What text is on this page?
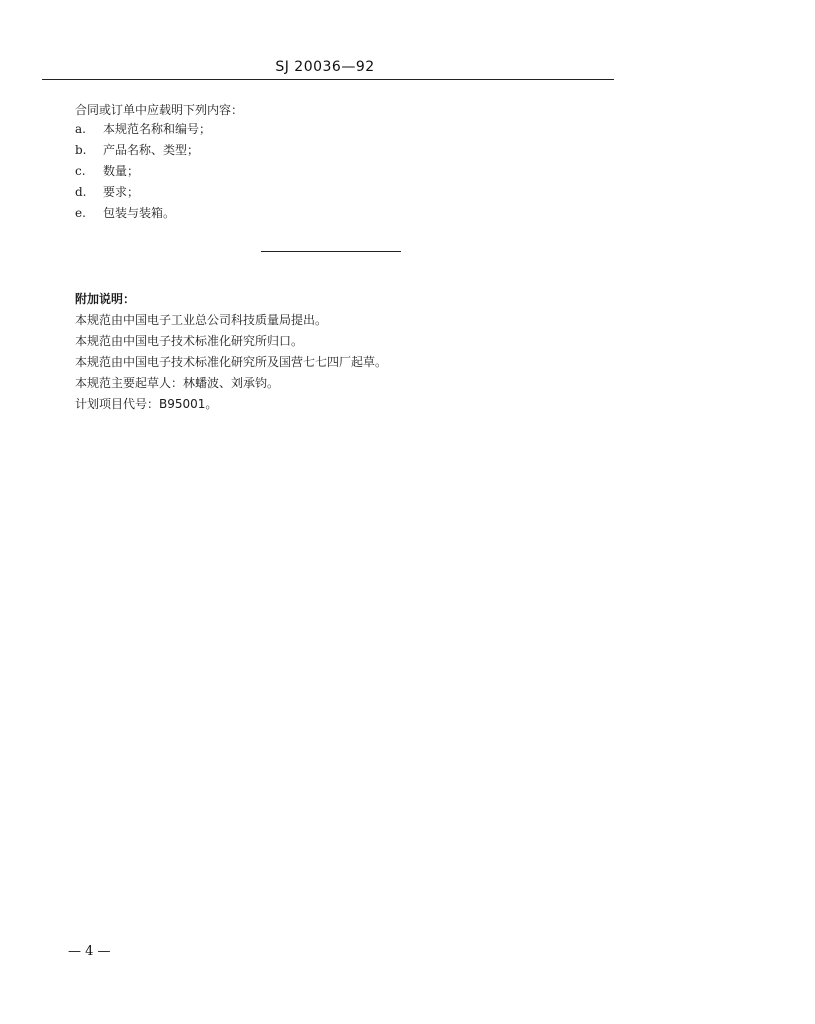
SJ 20036—92
合同或订单中应载明下列内容：
a.	本规范名称和编号；
b.	产品名称、类型；
c.	数量；
d.	要求；
e.	包装与装箱。
附加说明：
本规范由中国电子工业总公司科技质量局提出。
本规范由中国电子技术标准化研究所归口。
本规范由中国电子技术标准化研究所及国营七七四厂起草。
本规范主要起草人：林蟠波、刘承钧。
计划项目代号：B95001。
— 4 —
